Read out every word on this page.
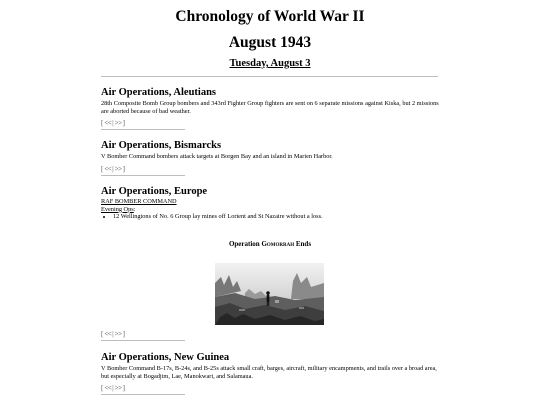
Chronology of World War II
August 1943
Tuesday, August 3
Air Operations, Aleutians

28th Composite Bomb Group bombers and 343rd Fighter Group fighters are sent on 6 separate missions against Kiska, but 2 missions are aborted because of bad weather.

[<<|>>]
Air Operations, Bismarcks

V Bomber Command bombers attack targets at Borgen Bay and an island in Marien Harbor.

[<<|>>]
Air Operations, Europe
RAF BOMBER COMMAND
Evening Ops:
• 12 Wellingtons of No. 6 Group lay mines off Lorient and St Nazaire without a loss.
Operation Gomorrah Ends
[<<|>>]
Air Operations, New Guinea

V Bomber Command B-17s, B-24s, and B-25s attack small craft, barges, aircraft, military encampments, and trails over a broad area, but especially at Bogadjim, Lae, Manokwari, and Salamaua.

[<<|>>]
